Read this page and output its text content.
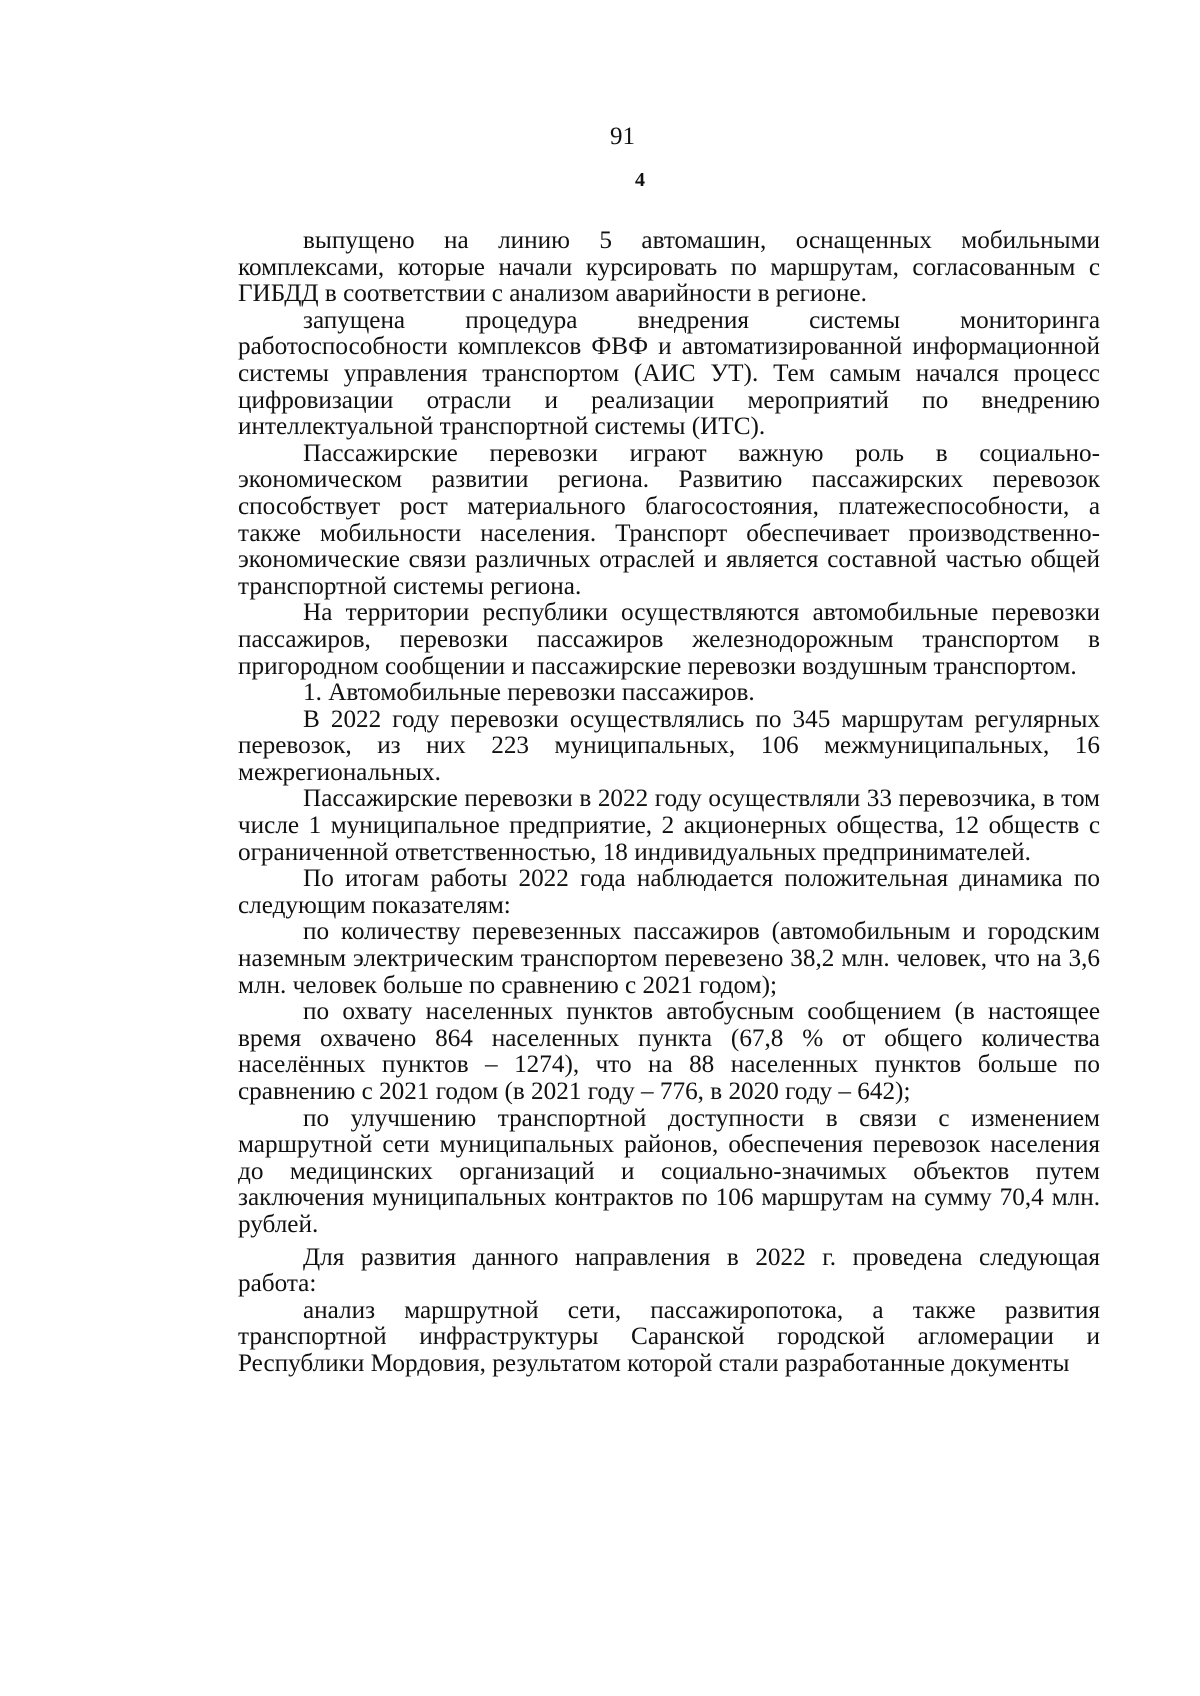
91

4

выпущено на линию 5 автомашин, оснащенных мобильными комплексами, которые начали курсировать по маршрутам, согласованным с ГИБДД в соответствии с анализом аварийности в регионе.

запущена процедура внедрения системы мониторинга работоспособности комплексов ФВФ и автоматизированной информационной системы управления транспортом (АИС УТ). Тем самым начался процесс цифровизации отрасли и реализации мероприятий по внедрению интеллектуальной транспортной системы (ИТС).

Пассажирские перевозки играют важную роль в социально-экономическом развитии региона. Развитию пассажирских перевозок способствует рост материального благосостояния, платежеспособности, а также мобильности населения. Транспорт обеспечивает производственно-экономические связи различных отраслей и является составной частью общей транспортной системы региона.

На территории республики осуществляются автомобильные перевозки пассажиров, перевозки пассажиров железнодорожным транспортом в пригородном сообщении и пассажирские перевозки воздушным транспортом.

1. Автомобильные перевозки пассажиров.

В 2022 году перевозки осуществлялись по 345 маршрутам регулярных перевозок, из них 223 муниципальных, 106 межмуниципальных, 16 межрегиональных.

Пассажирские перевозки в 2022 году осуществляли 33 перевозчика, в том числе 1 муниципальное предприятие, 2 акционерных общества, 12 обществ с ограниченной ответственностью, 18 индивидуальных предпринимателей.

По итогам работы 2022 года наблюдается положительная динамика по следующим показателям:

по количеству перевезенных пассажиров (автомобильным и городским наземным электрическим транспортом перевезено 38,2 млн. человек, что на 3,6 млн. человек больше по сравнению с 2021 годом);

по охвату населенных пунктов автобусным сообщением (в настоящее время охвачено 864 населенных пункта (67,8 % от общего количества населённых пунктов – 1274), что на 88 населенных пунктов больше по сравнению с 2021 годом (в 2021 году – 776, в 2020 году – 642);

по улучшению транспортной доступности в связи с изменением маршрутной сети муниципальных районов, обеспечения перевозок населения до медицинских организаций и социально-значимых объектов путем заключения муниципальных контрактов по 106 маршрутам на сумму 70,4 млн. рублей.

Для развития данного направления в 2022 г. проведена следующая работа:

анализ маршрутной сети, пассажиропотока, а также развития транспортной инфраструктуры Саранской городской агломерации и Республики Мордовия, результатом которой стали разработанные документы
